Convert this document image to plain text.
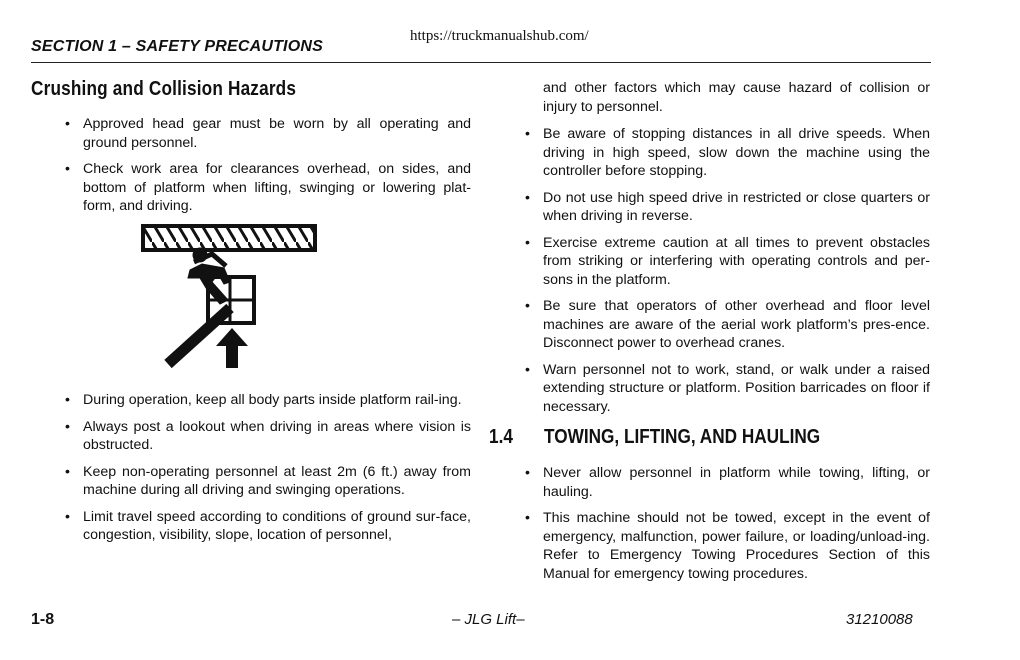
https://truckmanualshub.com/
SECTION 1 – SAFETY PRECAUTIONS
Crushing and Collision Hazards
• Approved head gear must be worn by all operating and ground personnel.
• Check work area for clearances overhead, on sides, and bottom of platform when lifting, swinging or lowering plat-form, and driving.
• During operation, keep all body parts inside platform rail-ing.
• Always post a lookout when driving in areas where vision is obstructed.
• Keep non-operating personnel at least 2m (6 ft.) away from machine during all driving and swinging operations.
• Limit travel speed according to conditions of ground sur-face, congestion, visibility, slope, location of personnel,
and other factors which may cause hazard of collision or injury to personnel.
• Be aware of stopping distances in all drive speeds. When driving in high speed, slow down the machine using the controller before stopping.
• Do not use high speed drive in restricted or close quarters or when driving in reverse.
• Exercise extreme caution at all times to prevent obstacles from striking or interfering with operating controls and per-sons in the platform.
• Be sure that operators of other overhead and floor level machines are aware of the aerial work platform’s pres-ence. Disconnect power to overhead cranes.
• Warn personnel not to work, stand, or walk under a raised extending structure or platform. Position barricades on floor if necessary.
1.4 TOWING, LIFTING, AND HAULING
• Never allow personnel in platform while towing, lifting, or hauling.
• This machine should not be towed, except in the event of emergency, malfunction, power failure, or loading/unload-ing. Refer to Emergency Towing Procedures Section of this Manual for emergency towing procedures.
1-8	– JLG Lift–	31210088
